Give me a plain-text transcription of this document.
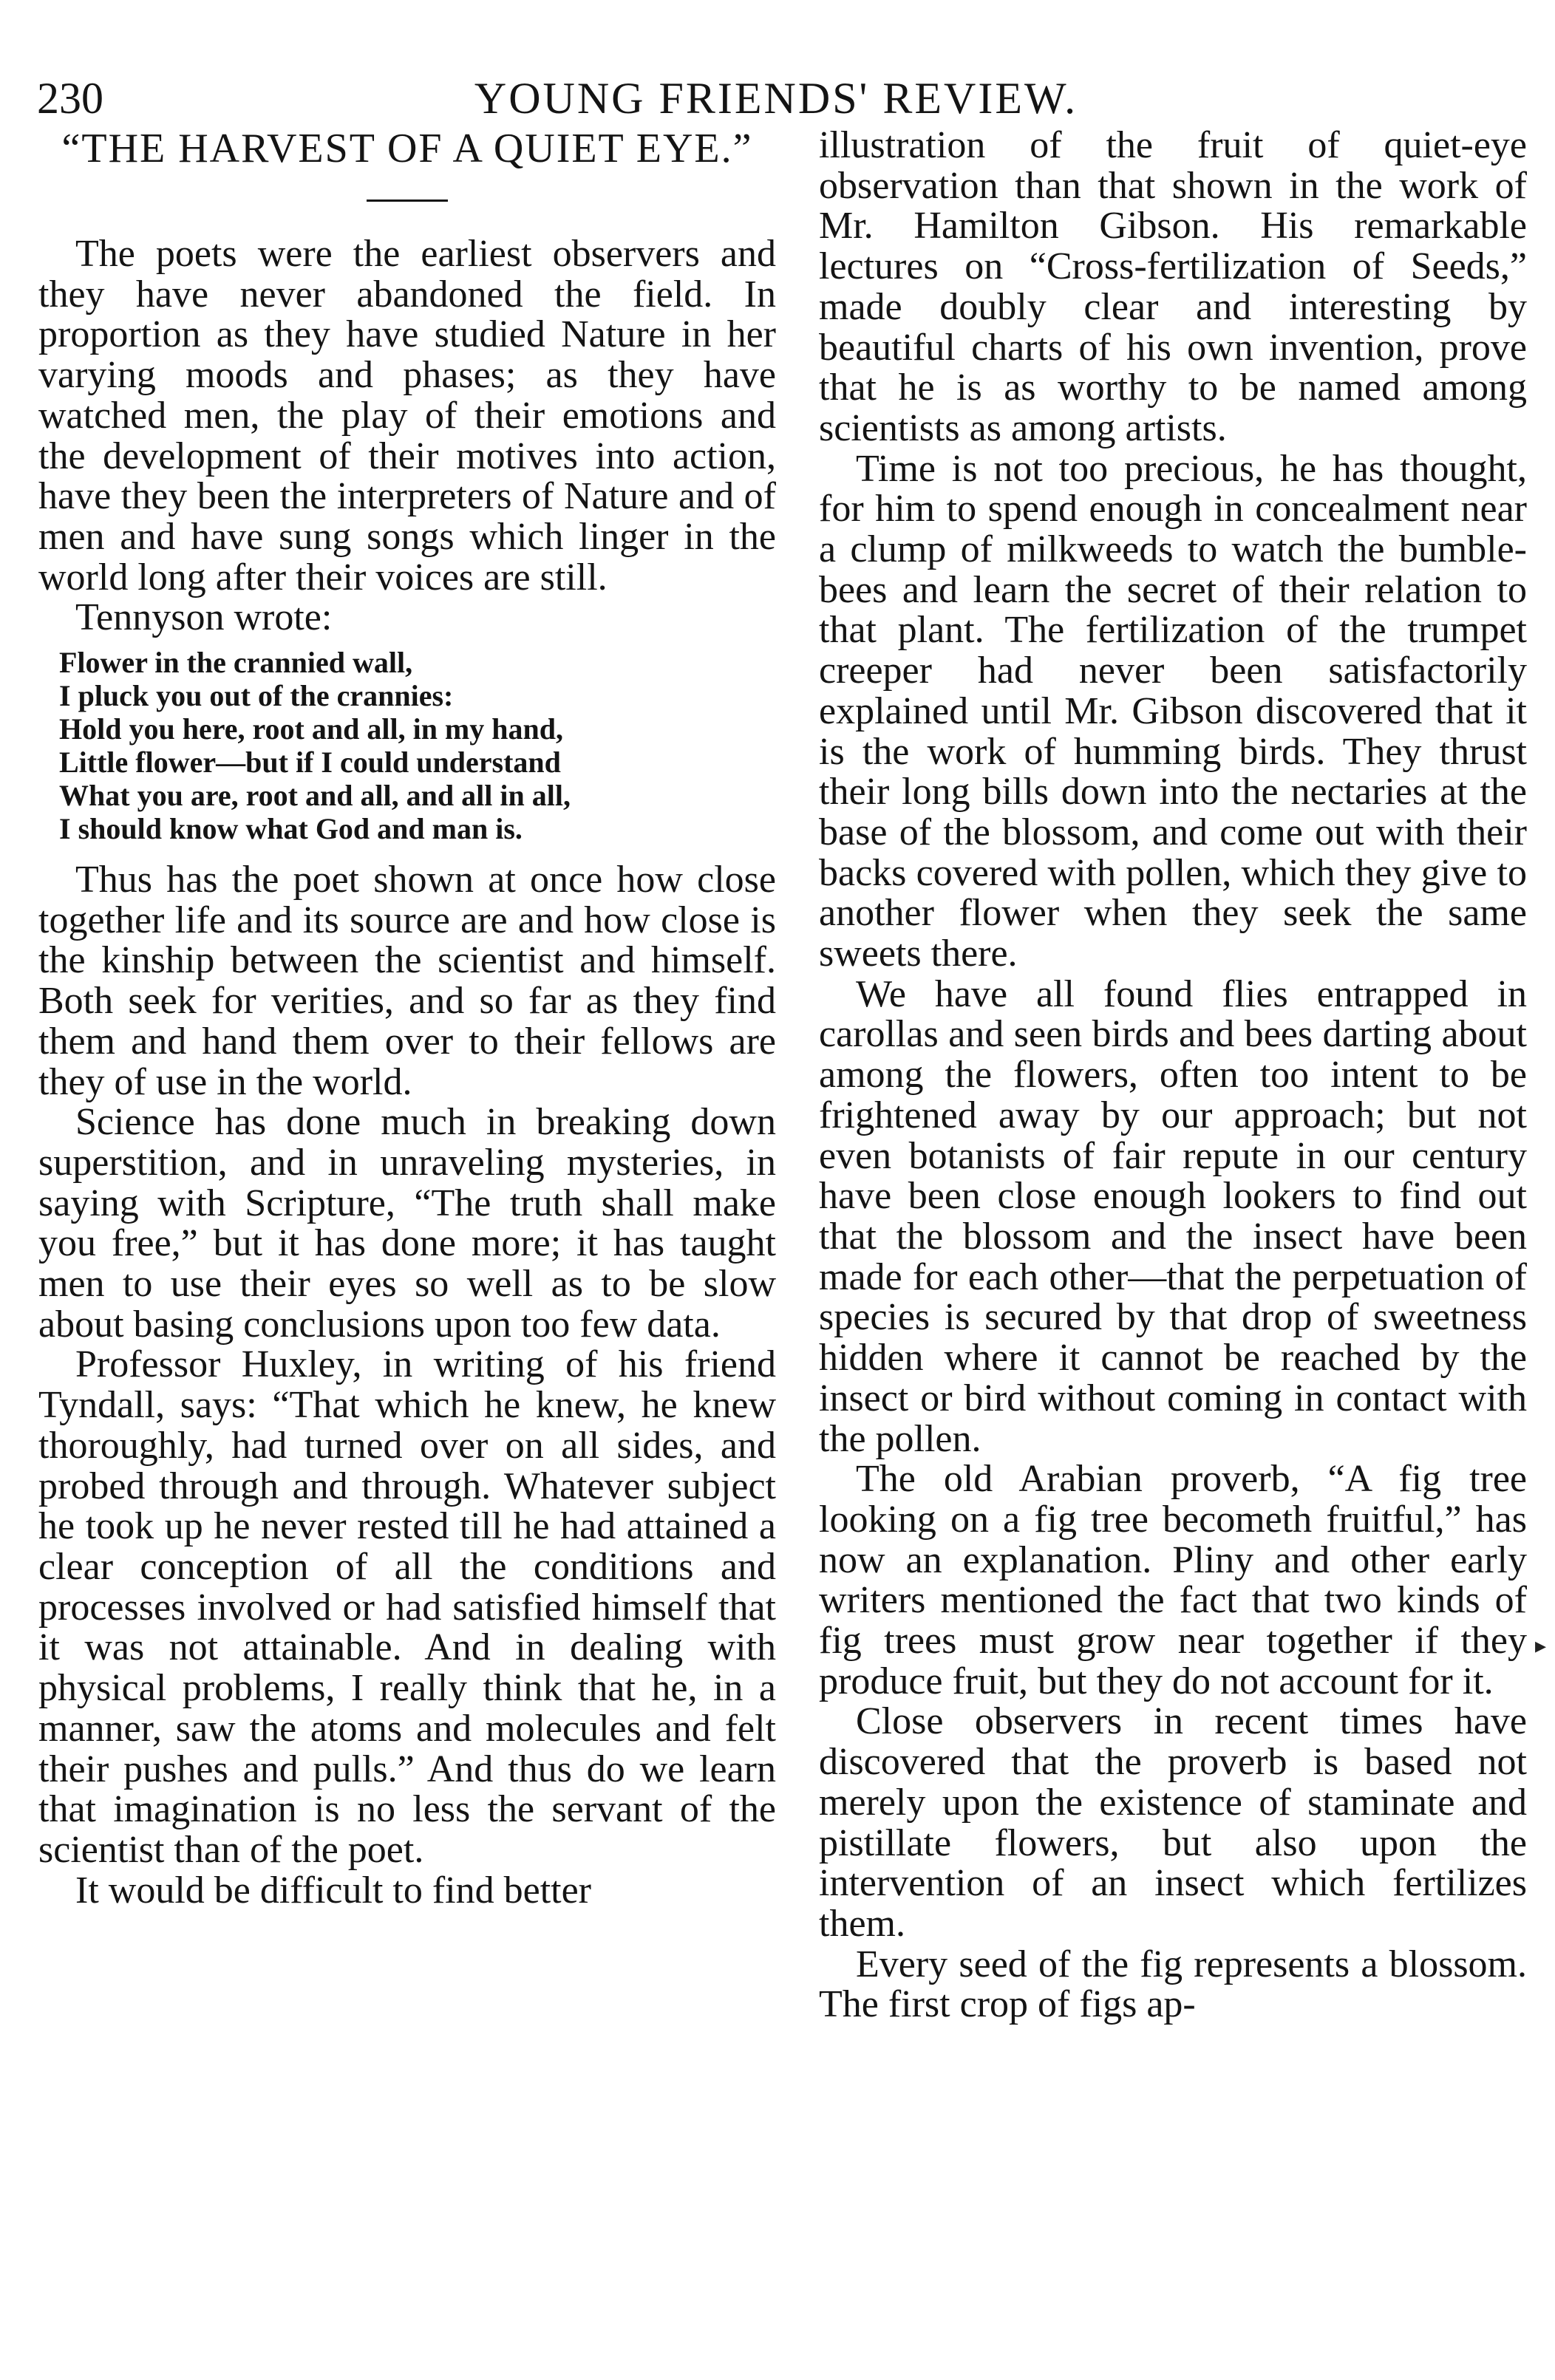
230	YOUNG FRIENDS' REVIEW.
“THE HARVEST OF A QUIET EYE.”

The poets were the earliest observers and they have never abandoned the field. In proportion as they have studied Nature in her varying moods and phases; as they have watched men, the play of their emotions and the development of their motives into action, have they been the interpreters of Nature and of men and have sung songs which linger in the world long after their voices are still.

Tennyson wrote:

Flower in the crannied wall,
I pluck you out of the crannies:
Hold you here, root and all, in my hand,
Little flower—but if I could understand
What you are, root and all, and all in all,
I should know what God and man is.

Thus has the poet shown at once how close together life and its source are and how close is the kinship between the scientist and himself. Both seek for verities, and so far as they find them and hand them over to their fellows are they of use in the world.

Science has done much in breaking down superstition, and in unraveling mysteries, in saying with Scripture, “The truth shall make you free,” but it has done more; it has taught men to use their eyes so well as to be slow about basing conclusions upon too few data.

Professor Huxley, in writing of his friend Tyndall, says: “That which he knew, he knew thoroughly, had turned over on all sides, and probed through and through. Whatever subject he took up he never rested till he had attained a clear conception of all the conditions and processes involved or had satisfied himself that it was not attainable. And in dealing with physical problems, I really think that he, in a manner, saw the atoms and molecules and felt their pushes and pulls.” And thus do we learn that imagination is no less the servant of the scientist than of the poet.

It would be difficult to find better

illustration of the fruit of quiet-eye observation than that shown in the work of Mr. Hamilton Gibson. His remarkable lectures on “Cross-fertilization of Seeds,” made doubly clear and interesting by beautiful charts of his own invention, prove that he is as worthy to be named among scientists as among artists.

Time is not too precious, he has thought, for him to spend enough in concealment near a clump of milkweeds to watch the bumble-bees and learn the secret of their relation to that plant. The fertilization of the trumpet creeper had never been satisfactorily explained until Mr. Gibson discovered that it is the work of humming birds. They thrust their long bills down into the nectaries at the base of the blossom, and come out with their backs covered with pollen, which they give to another flower when they seek the same sweets there.

We have all found flies entrapped in carollas and seen birds and bees darting about among the flowers, often too intent to be frightened away by our approach; but not even botanists of fair repute in our century have been close enough lookers to find out that the blossom and the insect have been made for each other—that the perpetuation of species is secured by that drop of sweetness hidden where it cannot be reached by the insect or bird without coming in contact with the pollen.

The old Arabian proverb, “A fig tree looking on a fig tree becometh fruitful,” has now an explanation. Pliny and other early writers mentioned the fact that two kinds of fig trees must grow near together if they produce fruit, but they do not account for it.

Close observers in recent times have discovered that the proverb is based not merely upon the existence of staminate and pistillate flowers, but also upon the intervention of an insect which fertilizes them.

Every seed of the fig represents a blossom. The first crop of figs ap-

▸
